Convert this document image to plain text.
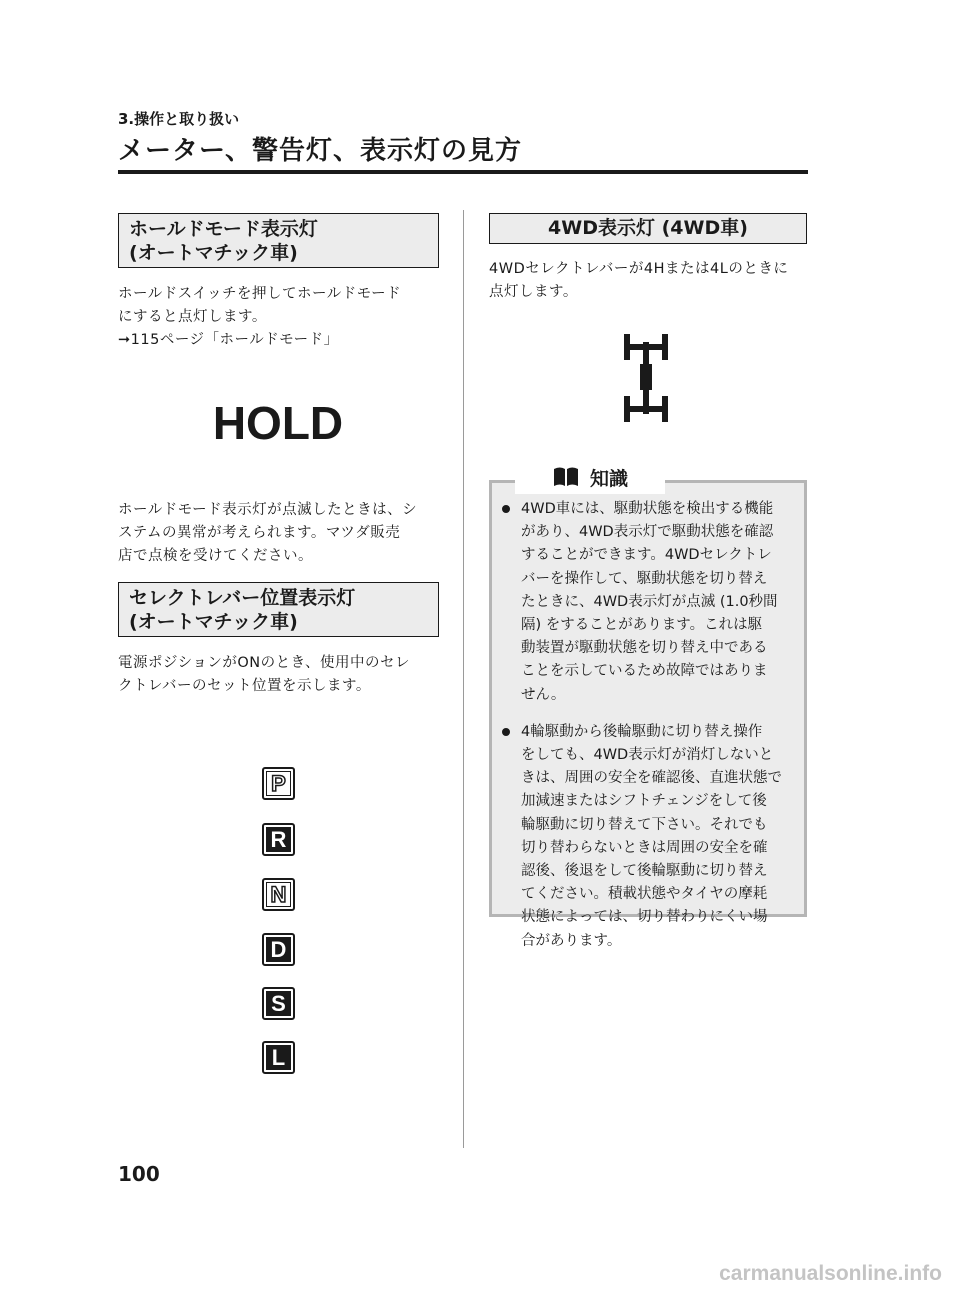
3.操作と取り扱い
メーター、警告灯、表示灯の見方
ホールドモード表示灯
(オートマチック車)
ホールドスイッチを押してホールドモード
にすると点灯します。
➞115ページ「ホールドモード」
HOLD
ホールドモード表示灯が点滅したときは、シ
ステムの異常が考えられます。マツダ販売
店で点検を受けてください。
セレクトレバー位置表示灯
(オートマチック車)
電源ポジションがONのとき、使用中のセレ
クトレバーのセット位置を示します。
P
R
N
D
S
L
4WD表示灯 (4WD車)
4WDセレクトレバーが4Hまたは4Lのときに
点灯します。
知識
4WD車には、駆動状態を検出する機能
があり、4WD表示灯で駆動状態を確認
することができます。4WDセレクトレ
バーを操作して、駆動状態を切り替え
たときに、4WD表示灯が点滅 (1.0秒間
隔) をすることがあります。これは駆
動装置が駆動状態を切り替え中である
ことを示しているため故障ではありま
せん。
4輪駆動から後輪駆動に切り替え操作
をしても、4WD表示灯が消灯しないと
きは、周囲の安全を確認後、直進状態で
加減速またはシフトチェンジをして後
輪駆動に切り替えて下さい。それでも
切り替わらないときは周囲の安全を確
認後、後退をして後輪駆動に切り替え
てください。積載状態やタイヤの摩耗
状態によっては、切り替わりにくい場
合があります。
100
carmanualsonline.info
